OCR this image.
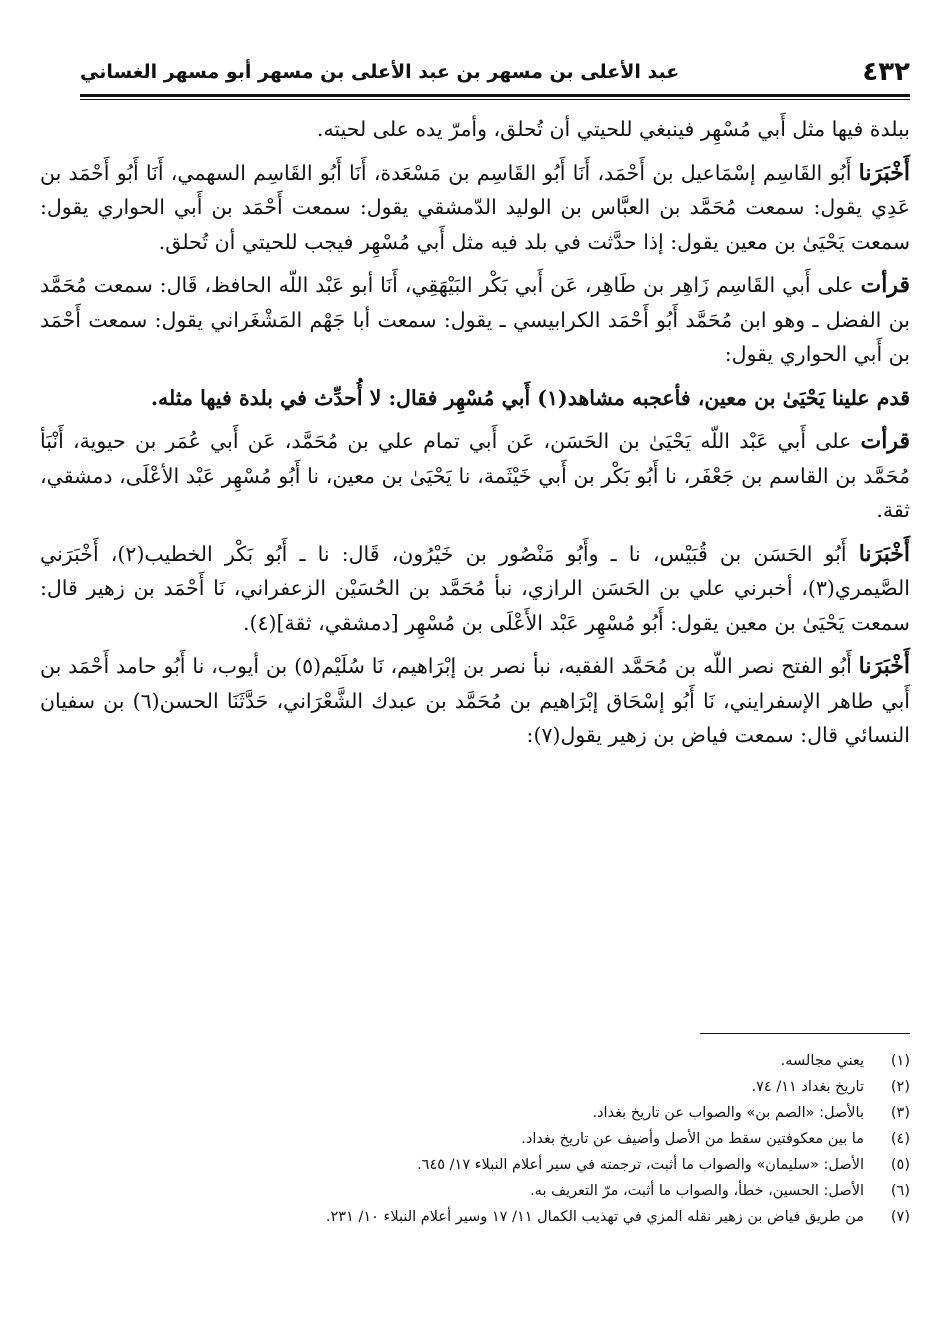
٤٣٢
عبد الأعلى بن مسهر بن عبد الأعلى بن مسهر أبو مسهر الغساني

ببلدة فيها مثل أَبي مُسْهِر فينبغي للحيتي أن تُحلق، وأمرّ يده على لحيته.

أَخْبَرَنا أَبُو القَاسِم إسْمَاعيل بن أَحْمَد، أَنَا أَبُو القَاسِم بن مَسْعَدة، أَنَا أَبُو القَاسِم السهمي، أَنَا أَبُو أَحْمَد بن عَدِي يقول: سمعت مُحَمَّد بن العبَّاس بن الوليد الدّمشقي يقول: سمعت أَحْمَد بن أَبي الحواري يقول: سمعت يَحْيَىٰ بن معين يقول: إذا حدَّثت في بلد فيه مثل أَبي مُسْهِر فيجب للحيتي أن تُحلق.

قرأت على أَبي القَاسِم زَاهِر بن طَاهِر، عَن أَبي بَكْر البَيْهَقِي، أَنَا أبو عَبْد اللّه الحافظ، قَال: سمعت مُحَمَّد بن الفضل ـ وهو ابن مُحَمَّد أَبُو أَحْمَد الكرابيسي ـ يقول: سمعت أبا جَهْم المَشْغَراني يقول: سمعت أَحْمَد بن أَبي الحواري يقول:

قدم علينا يَحْيَىٰ بن معين، فأعجبه مشاهد(١) أَبي مُسْهِر فقال: لا أُحدِّث في بلدة فيها مثله.

قرأت على أَبي عَبْد اللّه يَحْيَىٰ بن الحَسَن، عَن أَبي تمام علي بن مُحَمَّد، عَن أَبي عُمَر بن حيوية، أَنْبَأ مُحَمَّد بن القاسم بن جَعْفَر، نا أَبُو بَكْر بن أَبي خَيْثَمة، نا يَحْيَىٰ بن معين، نا أَبُو مُسْهِر عَبْد الأعْلَى، دمشقي، ثقة.

أَخْبَرَنا أَبُو الحَسَن بن قُبَيْس، نا ـ وأَبُو مَنْصُور بن خَيْرُون، قَال: نا ـ أَبُو بَكْر الخطيب(٢)، أَخْبَرَني الصَّيمري(٣)، أخبرني علي بن الحَسَن الرازي، نبأ مُحَمَّد بن الحُسَيْن الزعفراني، نَا أَحْمَد بن زهير قال: سمعت يَحْيَىٰ بن معين يقول: أَبُو مُسْهِر عَبْد الأَعْلَى بن مُسْهِر [دمشقي، ثقة](٤).

أَخْبَرَنا أَبُو الفتح نصر اللّه بن مُحَمَّد الفقيه، نبأ نصر بن إبْرَاهيم، نَا سُلَيْم(٥) بن أيوب، نا أَبُو حامد أَحْمَد بن أَبي طاهر الإسفرايني، نَا أَبُو إسْحَاق إبْرَاهيم بن مُحَمَّد بن عبدك الشَّعْرَاني، حَدَّثَنَا الحسن(٦) بن سفيان النسائي قال: سمعت فياض بن زهير يقول(٧):

(١)
يعني مجالسه.
(٢)
تاريخ بغداد ١١/ ٧٤.
(٣)
بالأصل: «الصم بن» والصواب عن تاريخ بغداد.
(٤)
ما بين معكوفتين سقط من الأصل وأضيف عن تاريخ بغداد.
(٥)
الأصل: «سليمان» والصواب ما أثبت، ترجمته في سير أعلام النبلاء ١٧/ ٦٤٥.
(٦)
الأصل: الحسين، خطأ، والصواب ما أثبت، مرّ التعريف به.
(٧)
من طريق فياض بن زهير نقله المزي في تهذيب الكمال ١١/ ١٧ وسير أعلام النبلاء ١٠/ ٢٣١.
